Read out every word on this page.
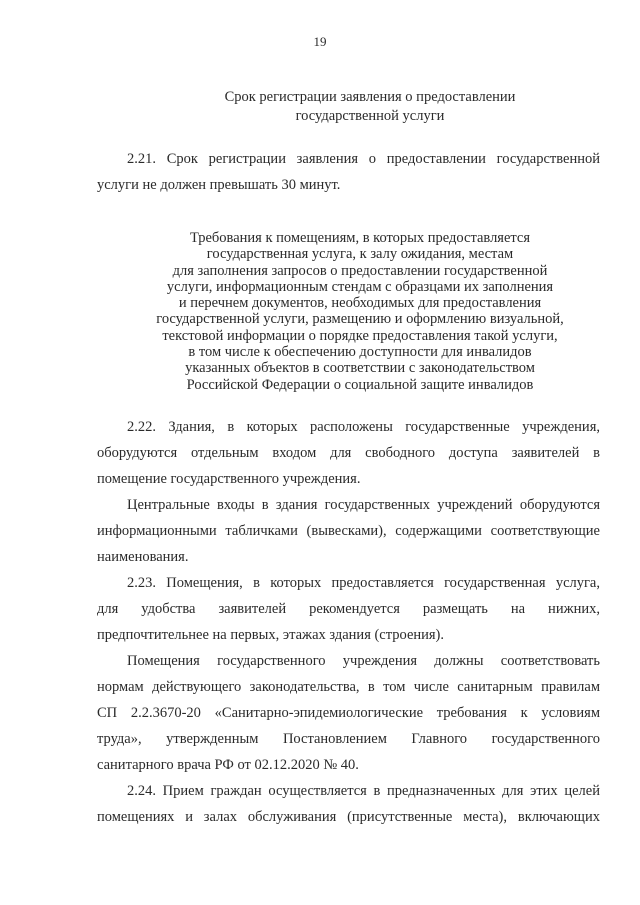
19
Срок регистрации заявления о предоставлении
государственной услуги
2.21. Срок регистрации заявления о предоставлении государственной
услуги не должен превышать 30 минут.
Требования к помещениям, в которых предоставляется
государственная услуга, к залу ожидания, местам
для заполнения запросов о предоставлении государственной
услуги, информационным стендам с образцами их заполнения
и перечнем документов, необходимых для предоставления
государственной услуги, размещению и оформлению визуальной,
текстовой информации о порядке предоставления такой услуги,
в том числе к обеспечению доступности для инвалидов
указанных объектов в соответствии с законодательством
Российской Федерации о социальной защите инвалидов
2.22. Здания, в которых расположены государственные учреждения,
оборудуются отдельным входом для свободного доступа заявителей в
помещение государственного учреждения.
Центральные входы в здания государственных учреждений оборудуются
информационными табличками (вывесками), содержащими соответствующие
наименования.
2.23. Помещения, в которых предоставляется государственная услуга,
для удобства заявителей рекомендуется размещать на нижних,
предпочтительнее на первых, этажах здания (строения).
Помещения государственного учреждения должны соответствовать
нормам действующего законодательства, в том числе санитарным правилам
СП 2.2.3670-20 «Санитарно-эпидемиологические требования к условиям
труда», утвержденным Постановлением Главного государственного
санитарного врача РФ от 02.12.2020 № 40.
2.24. Прием граждан осуществляется в предназначенных для этих целей
помещениях и залах обслуживания (присутственные места), включающих
